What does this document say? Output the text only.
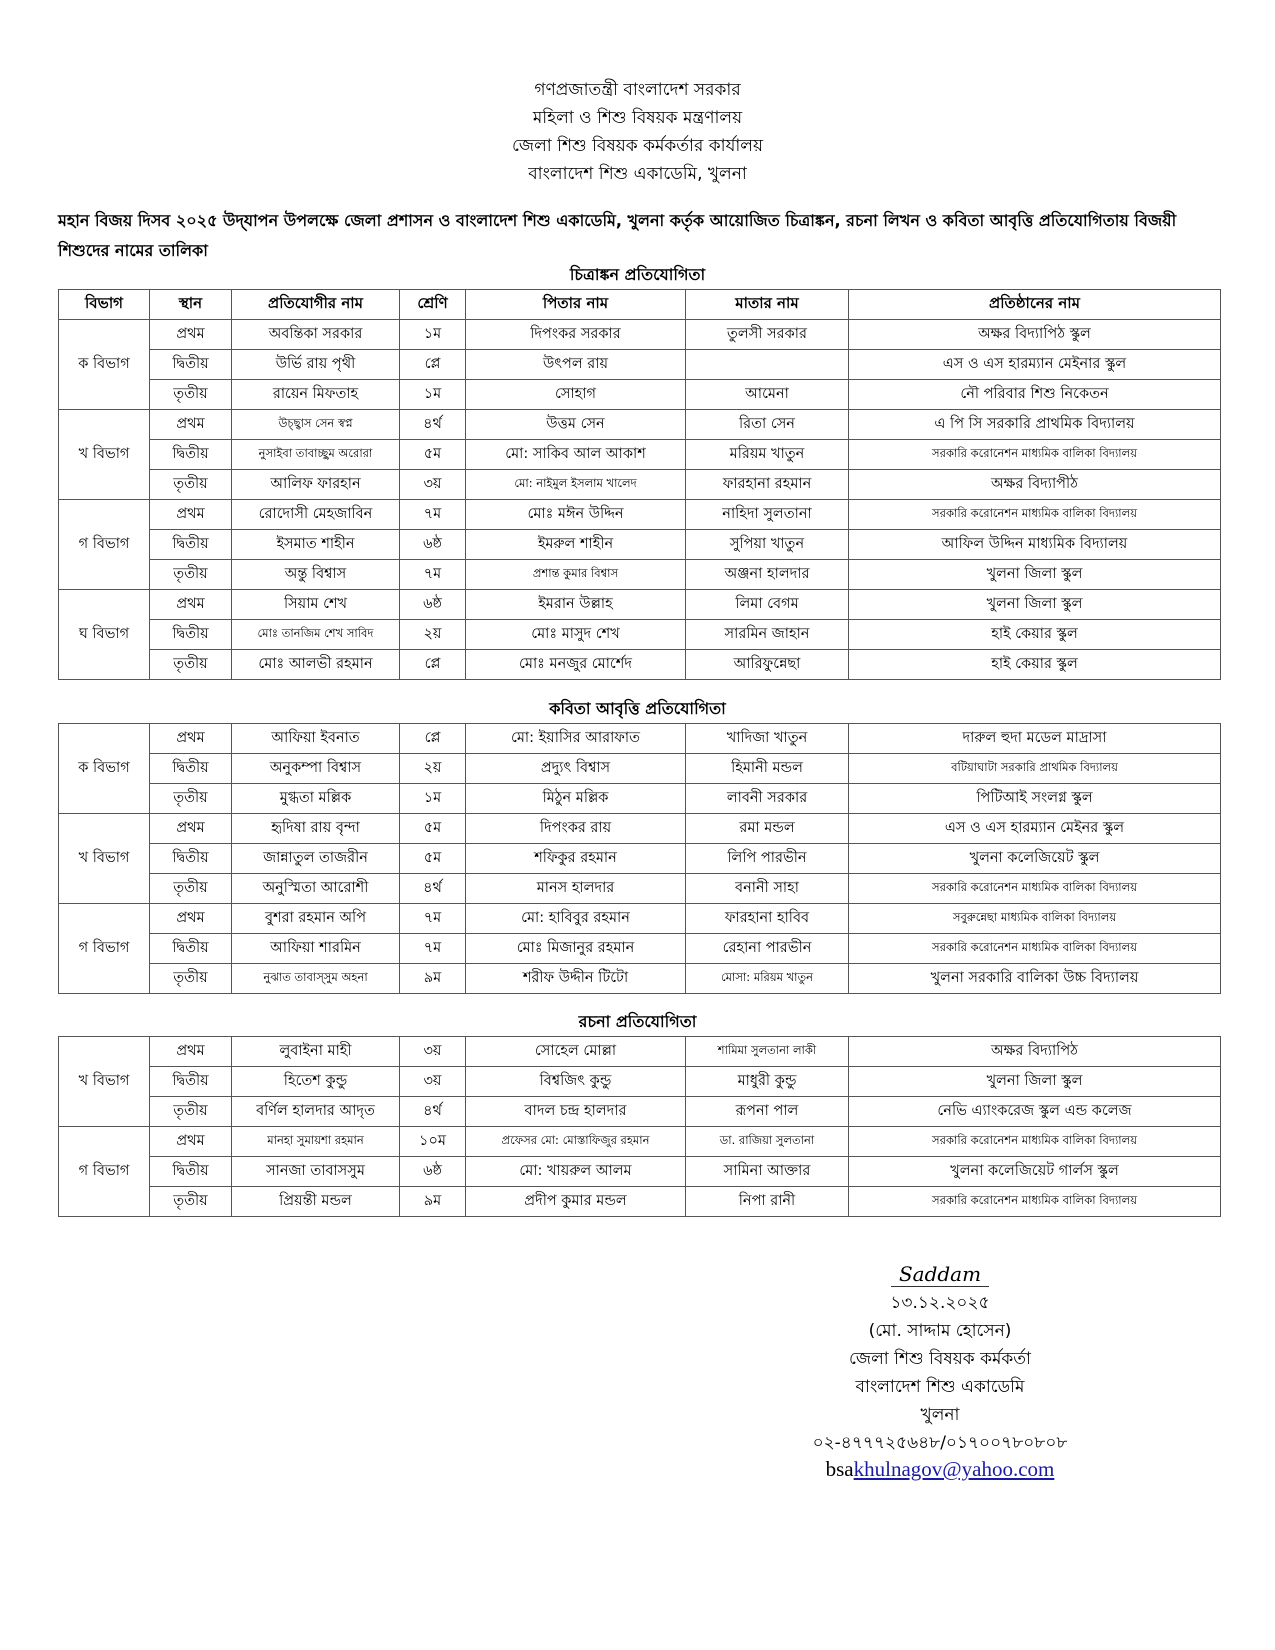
গণপ্রজাতন্ত্রী বাংলাদেশ সরকার
মহিলা ও শিশু বিষয়ক মন্ত্রণালয়
জেলা শিশু বিষয়ক কর্মকর্তার কার্যালয়
বাংলাদেশ শিশু একাডেমি, খুলনা
মহান বিজয় দিসব ২০২৫ উদ্‌যাপন উপলক্ষে জেলা প্রশাসন ও বাংলাদেশ শিশু একাডেমি, খুলনা কর্তৃক আয়োজিত চিত্রাঙ্কন, রচনা লিখন ও কবিতা আবৃত্তি প্রতিযোগিতায় বিজয়ী শিশুদের নামের তালিকা
চিত্রাঙ্কন প্রতিযোগিতা
বিভাগ	স্থান	প্রতিযোগীর নাম	শ্রেণি	পিতার নাম	মাতার নাম	প্রতিষ্ঠানের নাম
ক বিভাগ	প্রথম	অবন্তিকা সরকার	১ম	দিপংকর সরকার	তুলসী সরকার	অক্ষর বিদ্যাপিঠ স্কুল
	দ্বিতীয়	উর্ভি রায় পৃথী	প্লে	উৎপল রায়		এস ও এস হারম্যান মেইনার স্কুল
	তৃতীয়	রায়েন মিফতাহ	১ম	সোহাগ	আমেনা	নৌ পরিবার শিশু নিকেতন
খ বিভাগ	প্রথম	উচ্ছ্বাস সেন স্বপ্ন	৪র্থ	উত্তম সেন	রিতা সেন	এ পি সি সরকারি প্রাথমিক বিদ্যালয়
	দ্বিতীয়	নুসাইবা তাবাচ্ছুম অরোরা	৫ম	মো: সাকিব আল আকাশ	মরিয়ম খাতুন	সরকারি করোনেশন মাধ্যমিক বালিকা বিদ্যালয়
	তৃতীয়	আলিফ ফারহান	৩য়	মো: নাইমুল ইসলাম খালেদ	ফারহানা রহমান	অক্ষর বিদ্যাপীঠ
গ বিভাগ	প্রথম	রোদোসী মেহজাবিন	৭ম	মোঃ মঈন উদ্দিন	নাহিদা সুলতানা	সরকারি করোনেশন মাধ্যমিক বালিকা বিদ্যালয়
	দ্বিতীয়	ইসমাত শাহীন	৬ষ্ঠ	ইমরুল শাহীন	সুপিয়া খাতুন	আফিল উদ্দিন মাধ্যমিক বিদ্যালয়
	তৃতীয়	অন্তু বিশ্বাস	৭ম	প্রশান্ত কুমার বিশ্বাস	অঞ্জনা হালদার	খুলনা জিলা স্কুল
ঘ বিভাগ	প্রথম	সিয়াম শেখ	৬ষ্ঠ	ইমরান উল্লাহ	লিমা বেগম	খুলনা জিলা স্কুল
	দ্বিতীয়	মোঃ তানজিম শেখ সাবিদ	২য়	মোঃ মাসুদ শেখ	সারমিন জাহান	হাই কেয়ার স্কুল
	তৃতীয়	মোঃ আলভী রহমান	প্লে	মোঃ মনজুর মোর্শেদ	আরিফুন্নেছা	হাই কেয়ার স্কুল
কবিতা আবৃত্তি প্রতিযোগিতা
ক বিভাগ	প্রথম	আফিয়া ইবনাত	প্লে	মো: ইয়াসির আরাফাত	খাদিজা খাতুন	দারুল হুদা মডেল মাদ্রাসা
	দ্বিতীয়	অনুকম্পা বিশ্বাস	২য়	প্রদ্যুৎ বিশ্বাস	হিমানী মন্ডল	বটিয়াঘাটা সরকারি প্রাথমিক বিদ্যালয়
	তৃতীয়	মুগ্ধতা মল্লিক	১ম	মিঠুন মল্লিক	লাবনী সরকার	পিটিআই সংলগ্ন স্কুল
খ বিভাগ	প্রথম	হৃদিষা রায় বৃন্দা	৫ম	দিপংকর রায়	রমা মন্ডল	এস ও এস হারম্যান মেইনর স্কুল
	দ্বিতীয়	জান্নাতুল তাজরীন	৫ম	শফিকুর রহমান	লিপি পারভীন	খুলনা কলেজিয়েট স্কুল
	তৃতীয়	অনুস্মিতা আরোশী	৪র্থ	মানস হালদার	বনানী সাহা	সরকারি করোনেশন মাধ্যমিক বালিকা বিদ্যালয়
গ বিভাগ	প্রথম	বুশরা রহমান অপি	৭ম	মো: হাবিবুর রহমান	ফারহানা হাবিব	সবুরুন্নেছা মাধ্যমিক বালিকা বিদ্যালয়
	দ্বিতীয়	আফিয়া শারমিন	৭ম	মোঃ মিজানুর রহমান	রেহানা পারভীন	সরকারি করোনেশন মাধ্যমিক বালিকা বিদ্যালয়
	তৃতীয়	নুঝাত তাবাস্‌সুম অহনা	৯ম	শরীফ উদ্দীন টিটো	মোসা: মরিয়ম খাতুন	খুলনা সরকারি বালিকা উচ্চ বিদ্যালয়
রচনা প্রতিযোগিতা
খ বিভাগ	প্রথম	লুবাইনা মাহী	৩য়	সোহেল মোল্লা	শামিমা সুলতানা লাকী	অক্ষর বিদ্যাপিঠ
	দ্বিতীয়	হিতেশ কুন্ডু	৩য়	বিশ্বজিৎ কুন্ডু	মাধুরী কুন্ডু	খুলনা জিলা স্কুল
	তৃতীয়	বর্ণিল হালদার আদৃত	৪র্থ	বাদল চন্দ্র হালদার	রূপনা পাল	নেভি এ্যাংকরেজ স্কুল এন্ড কলেজ
গ বিভাগ	প্রথম	মানহা সুমায়শা রহমান	১০ম	প্রফেসর মো: মোস্তাফিজুর রহমান	ডা. রাজিয়া সুলতানা	সরকারি করোনেশন মাধ্যমিক বালিকা বিদ্যালয়
	দ্বিতীয়	সানজা তাবাসসুম	৬ষ্ঠ	মো: খায়রুল আলম	সামিনা আক্তার	খুলনা কলেজিয়েট গার্লস স্কুল
	তৃতীয়	প্রিয়ন্তী মন্ডল	৯ম	প্রদীপ কুমার মন্ডল	নিপা রানী	সরকারি করোনেশন মাধ্যমিক বালিকা বিদ্যালয়
Saddam
১৩.১২.২০২৫
(মো. সাদ্দাম হোসেন)
জেলা শিশু বিষয়ক কর্মকর্তা
বাংলাদেশ শিশু একাডেমি
খুলনা
০২-৪৭৭৭২৫৬৪৮/০১৭০০৭৮০৮০৮
bsakhulnagov@yahoo.com
